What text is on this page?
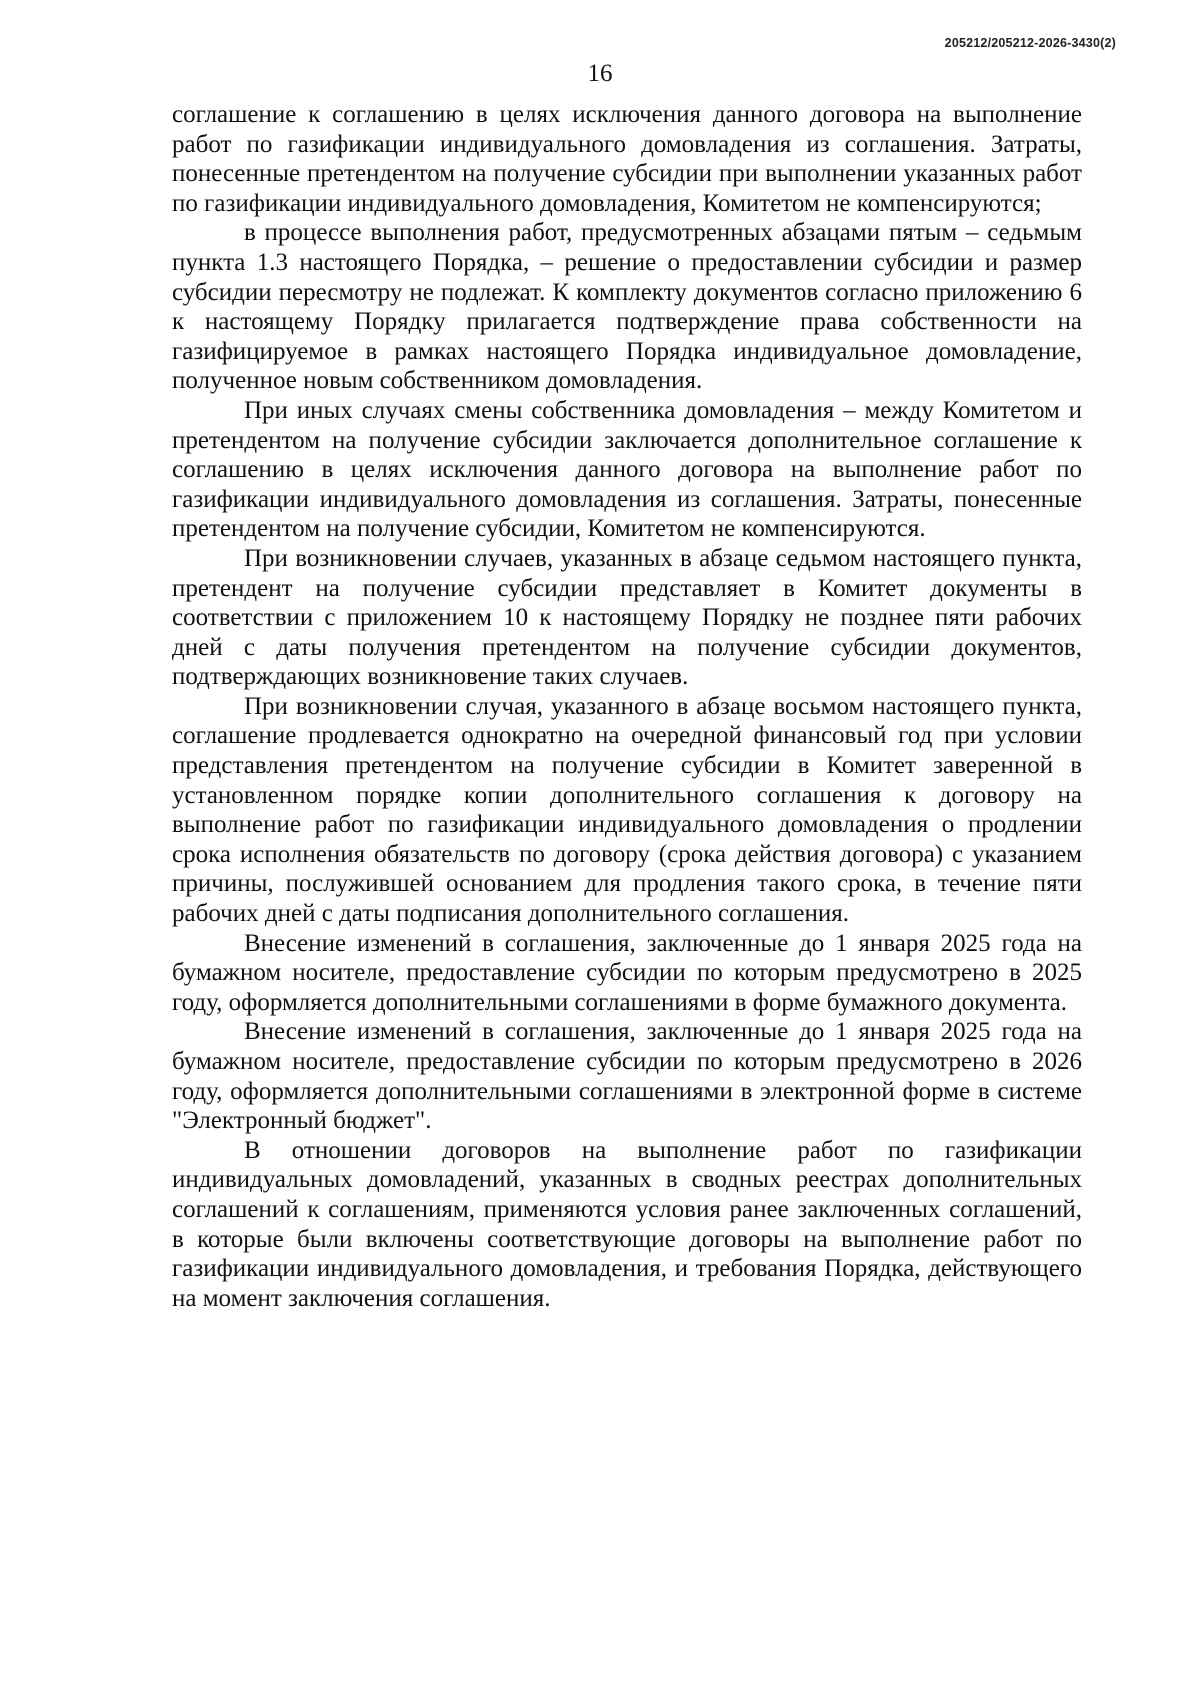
205212/205212-2026-3430(2)
16

соглашение к соглашению в целях исключения данного договора на выполнение работ по газификации индивидуального домовладения из соглашения. Затраты, понесенные претендентом на получение субсидии при выполнении указанных работ по газификации индивидуального домовладения, Комитетом не компенсируются;

в процессе выполнения работ, предусмотренных абзацами пятым – седьмым пункта 1.3 настоящего Порядка, – решение о предоставлении субсидии и размер субсидии пересмотру не подлежат. К комплекту документов согласно приложению 6 к настоящему Порядку прилагается подтверждение права собственности на газифицируемое в рамках настоящего Порядка индивидуальное домовладение, полученное новым собственником домовладения.

При иных случаях смены собственника домовладения – между Комитетом и претендентом на получение субсидии заключается дополнительное соглашение к соглашению в целях исключения данного договора на выполнение работ по газификации индивидуального домовладения из соглашения. Затраты, понесенные претендентом на получение субсидии, Комитетом не компенсируются.

При возникновении случаев, указанных в абзаце седьмом настоящего пункта, претендент на получение субсидии представляет в Комитет документы в соответствии с приложением 10 к настоящему Порядку не позднее пяти рабочих дней с даты получения претендентом на получение субсидии документов, подтверждающих возникновение таких случаев.

При возникновении случая, указанного в абзаце восьмом настоящего пункта, соглашение продлевается однократно на очередной финансовый год при условии представления претендентом на получение субсидии в Комитет заверенной в установленном порядке копии дополнительного соглашения к договору на выполнение работ по газификации индивидуального домовладения о продлении срока исполнения обязательств по договору (срока действия договора) с указанием причины, послужившей основанием для продления такого срока, в течение пяти рабочих дней с даты подписания дополнительного соглашения.

Внесение изменений в соглашения, заключенные до 1 января 2025 года на бумажном носителе, предоставление субсидии по которым предусмотрено в 2025 году, оформляется дополнительными соглашениями в форме бумажного документа.

Внесение изменений в соглашения, заключенные до 1 января 2025 года на бумажном носителе, предоставление субсидии по которым предусмотрено в 2026 году, оформляется дополнительными соглашениями в электронной форме в системе "Электронный бюджет".

В отношении договоров на выполнение работ по газификации индивидуальных домовладений, указанных в сводных реестрах дополнительных соглашений к соглашениям, применяются условия ранее заключенных соглашений, в которые были включены соответствующие договоры на выполнение работ по газификации индивидуального домовладения, и требования Порядка, действующего на момент заключения соглашения.
